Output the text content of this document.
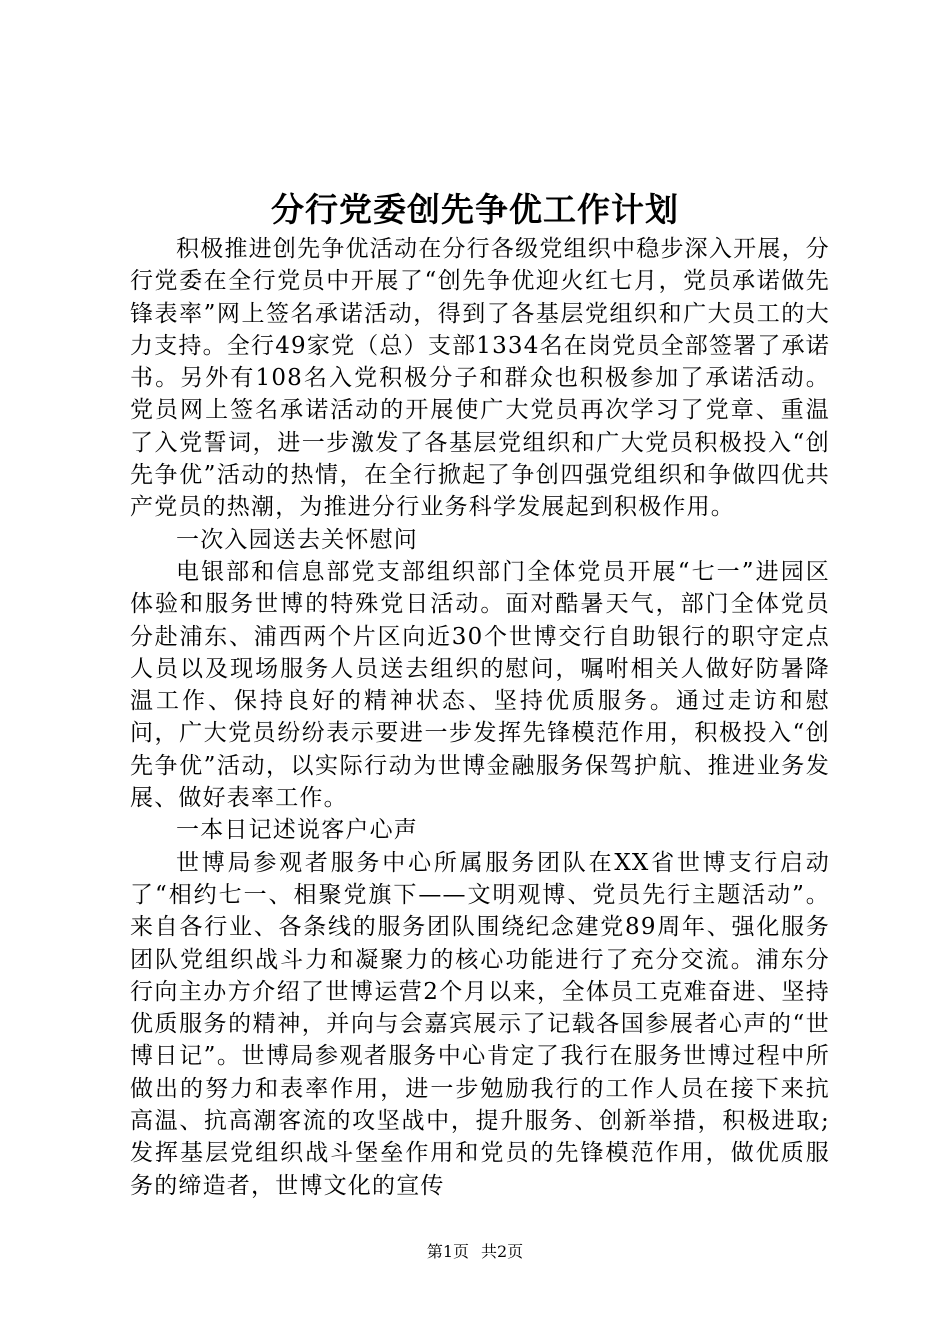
分行党委创先争优工作计划

积极推进创先争优活动在分行各级党组织中稳步深入开展，分行党委在全行党员中开展了“创先争优迎火红七月，党员承诺做先锋表率”网上签名承诺活动，得到了各基层党组织和广大员工的大力支持。全行49家党（总）支部1334名在岗党员全部签署了承诺书。另外有108名入党积极分子和群众也积极参加了承诺活动。党员网上签名承诺活动的开展使广大党员再次学习了党章、重温了入党誓词，进一步激发了各基层党组织和广大党员积极投入“创先争优”活动的热情，在全行掀起了争创四强党组织和争做四优共产党员的热潮，为推进分行业务科学发展起到积极作用。

一次入园送去关怀慰问

电银部和信息部党支部组织部门全体党员开展“七一”进园区体验和服务世博的特殊党日活动。面对酷暑天气，部门全体党员分赴浦东、浦西两个片区向近30个世博交行自助银行的职守定点人员以及现场服务人员送去组织的慰问，嘱咐相关人做好防暑降温工作、保持良好的精神状态、坚持优质服务。通过走访和慰问，广大党员纷纷表示要进一步发挥先锋模范作用，积极投入“创先争优”活动，以实际行动为世博金融服务保驾护航、推进业务发展、做好表率工作。

一本日记述说客户心声

世博局参观者服务中心所属服务团队在XX省世博支行启动了“相约七一、相聚党旗下——文明观博、党员先行主题活动”。来自各行业、各条线的服务团队围绕纪念建党89周年、强化服务团队党组织战斗力和凝聚力的核心功能进行了充分交流。浦东分行向主办方介绍了世博运营2个月以来，全体员工克难奋进、坚持优质服务的精神，并向与会嘉宾展示了记载各国参展者心声的“世博日记”。世博局参观者服务中心肯定了我行在服务世博过程中所做出的努力和表率作用，进一步勉励我行的工作人员在接下来抗高温、抗高潮客流的攻坚战中，提升服务、创新举措，积极进取;发挥基层党组织战斗堡垒作用和党员的先锋模范作用，做优质服务的缔造者，世博文化的宣传

第1页 共2页
